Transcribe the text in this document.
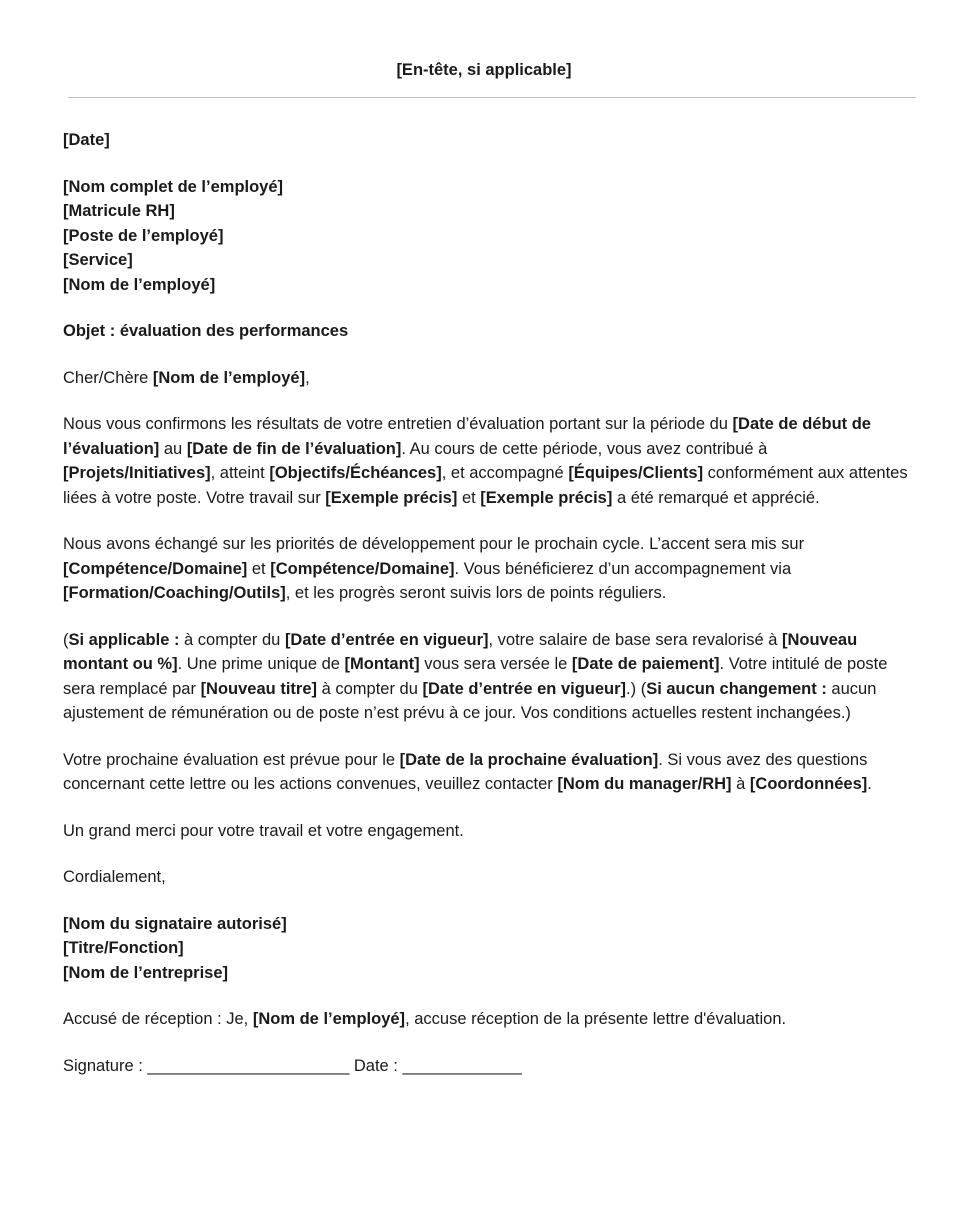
[En-tête, si applicable]

[Date]

[Nom complet de l’employé]
[Matricule RH]
[Poste de l’employé]
[Service]
[Nom de l’employé]

Objet : évaluation des performances

Cher/Chère [Nom de l’employé],

Nous vous confirmons les résultats de votre entretien d’évaluation portant sur la période du [Date de début de l’évaluation] au [Date de fin de l’évaluation]. Au cours de cette période, vous avez contribué à [Projets/Initiatives], atteint [Objectifs/Échéances], et accompagné [Équipes/Clients] conformément aux attentes liées à votre poste. Votre travail sur [Exemple précis] et [Exemple précis] a été remarqué et apprécié.

Nous avons échangé sur les priorités de développement pour le prochain cycle. L’accent sera mis sur [Compétence/Domaine] et [Compétence/Domaine]. Vous bénéficierez d’un accompagnement via [Formation/Coaching/Outils], et les progrès seront suivis lors de points réguliers.

(Si applicable : à compter du [Date d’entrée en vigueur], votre salaire de base sera revalorisé à [Nouveau montant ou %]. Une prime unique de [Montant] vous sera versée le [Date de paiement]. Votre intitulé de poste sera remplacé par [Nouveau titre] à compter du [Date d’entrée en vigueur].) (Si aucun changement : aucun ajustement de rémunération ou de poste n’est prévu à ce jour. Vos conditions actuelles restent inchangées.)

Votre prochaine évaluation est prévue pour le [Date de la prochaine évaluation]. Si vous avez des questions concernant cette lettre ou les actions convenues, veuillez contacter [Nom du manager/RH] à [Coordonnées].

Un grand merci pour votre travail et votre engagement.

Cordialement,

[Nom du signataire autorisé]
[Titre/Fonction]
[Nom de l’entreprise]

Accusé de réception : Je, [Nom de l’employé], accuse réception de la présente lettre d'évaluation.

Signature : ______________________ Date : _____________
